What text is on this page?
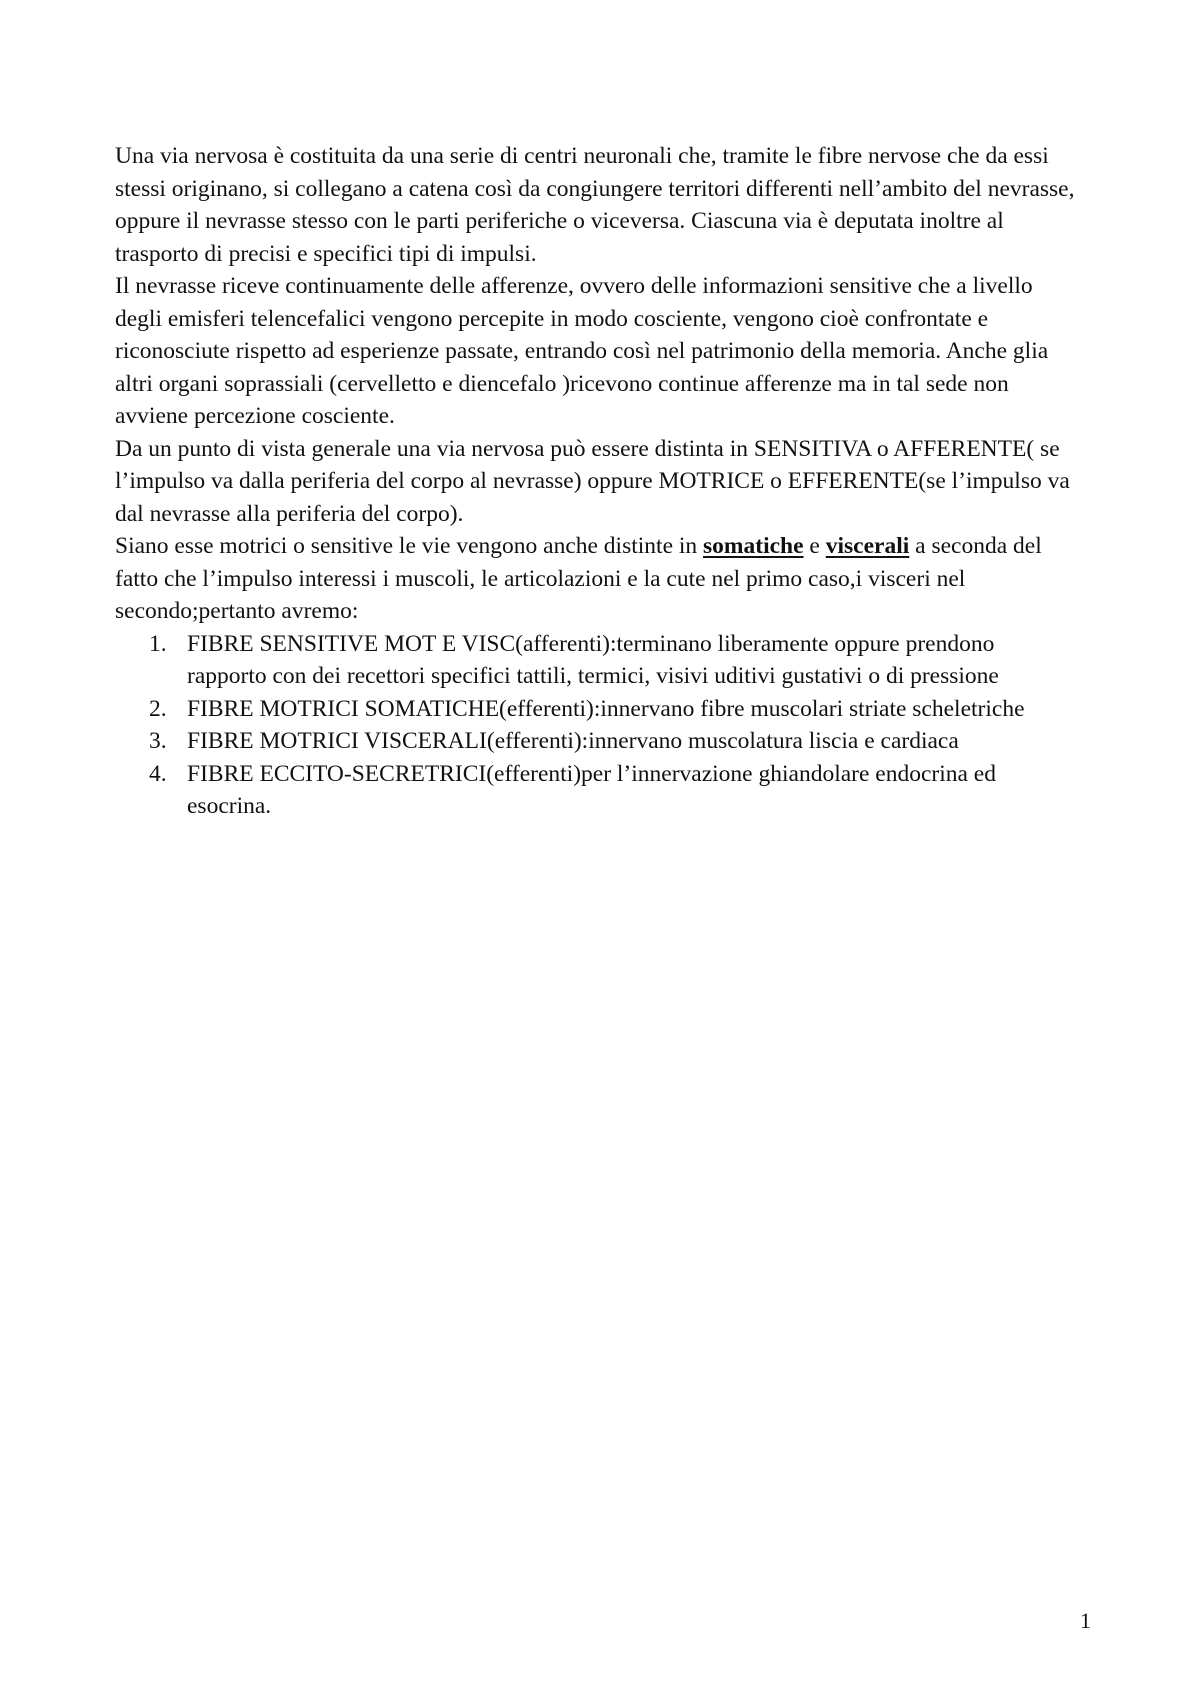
Una via nervosa è costituita da una serie di centri neuronali che, tramite le fibre nervose che da essi stessi originano, si collegano a catena così da congiungere territori differenti nell’ambito del nevrasse, oppure il nevrasse stesso con le parti periferiche o viceversa. Ciascuna via è deputata inoltre al trasporto di precisi e specifici tipi di impulsi.

Il nevrasse riceve continuamente delle afferenze, ovvero delle informazioni sensitive che a livello degli emisferi telencefalici vengono percepite in modo cosciente, vengono cioè confrontate e riconosciute rispetto ad esperienze passate, entrando così nel patrimonio della memoria. Anche glia altri organi soprassiali (cervelletto e diencefalo )ricevono continue afferenze ma in tal sede non avviene percezione cosciente.

Da un punto di vista generale una via nervosa può essere distinta in SENSITIVA o AFFERENTE( se l’impulso va dalla periferia del corpo al nevrasse) oppure MOTRICE o EFFERENTE(se l’impulso va dal nevrasse alla periferia del corpo).

Siano esse motrici o sensitive le vie vengono anche distinte in somatiche e viscerali a seconda del fatto che l’impulso interessi i muscoli, le articolazioni e la cute nel primo caso,i visceri nel secondo;pertanto avremo:

1. FIBRE SENSITIVE MOT E VISC(afferenti):terminano liberamente oppure prendono rapporto con dei recettori specifici tattili, termici, visivi uditivi gustativi o di pressione
2. FIBRE MOTRICI SOMATICHE(efferenti):innervano fibre muscolari striate scheletriche
3. FIBRE MOTRICI VISCERALI(efferenti):innervano muscolatura liscia e cardiaca
4. FIBRE ECCITO-SECRETRICI(efferenti)per l’innervazione ghiandolare endocrina ed esocrina.
1
